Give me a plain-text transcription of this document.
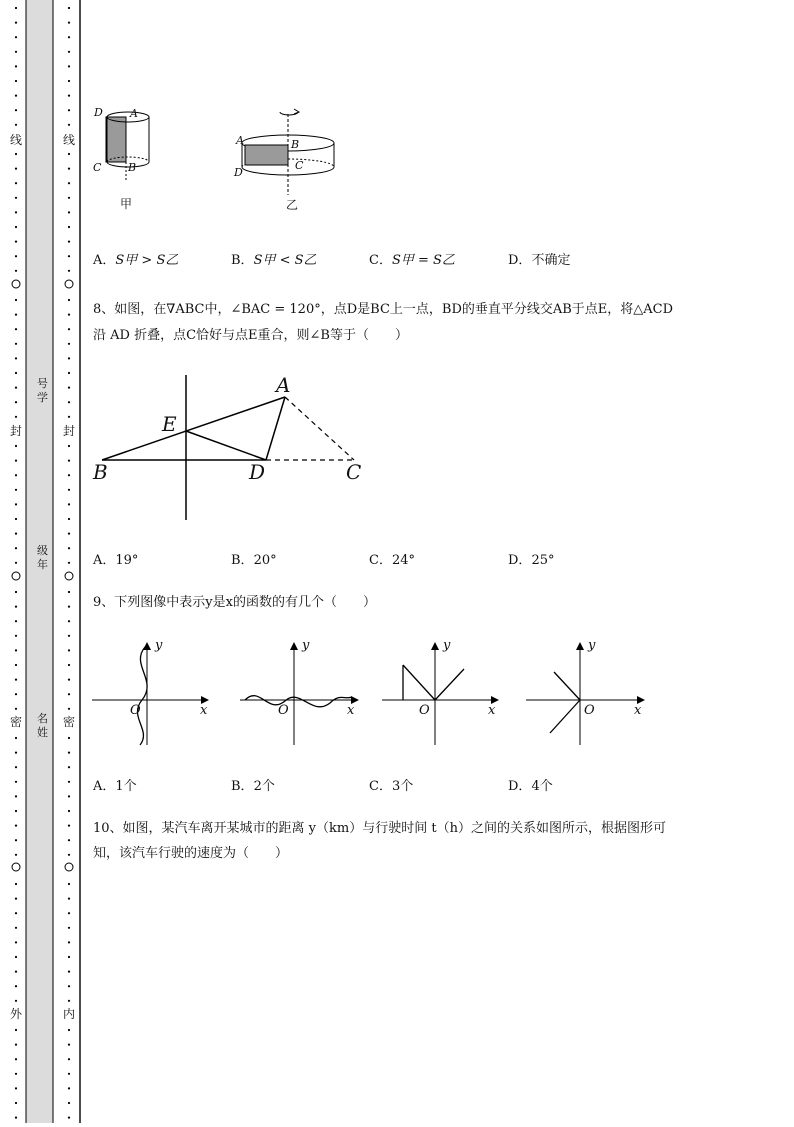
线
封
密
外
线
封
密
内
号学
级年
名姓
D A
C B
甲
A	B
D
C
乙
A．S甲 > S乙	B．S甲 < S乙	C．S甲 = S乙	D．不确定
8、如图，在∇ABC中，∠BAC = 120°，点D是BC上一点，BD的垂直平分线交AB于点E，将△ACD
沿 AD 折叠，点C恰好与点E重合，则∠B等于（　　）
A
E
B	D	C
A．19°	B．20°	C．24°	D．25°
9、下列图像中表示y是x的函数的有几个（　　）
y
x
O
y
x
O
y
x
O
y
x
O
A．1个	B．2个	C．3个	D．4个
10、如图，某汽车离开某城市的距离 y（km）与行驶时间 t（h）之间的关系如图所示，根据图形可
知，该汽车行驶的速度为（　　）
